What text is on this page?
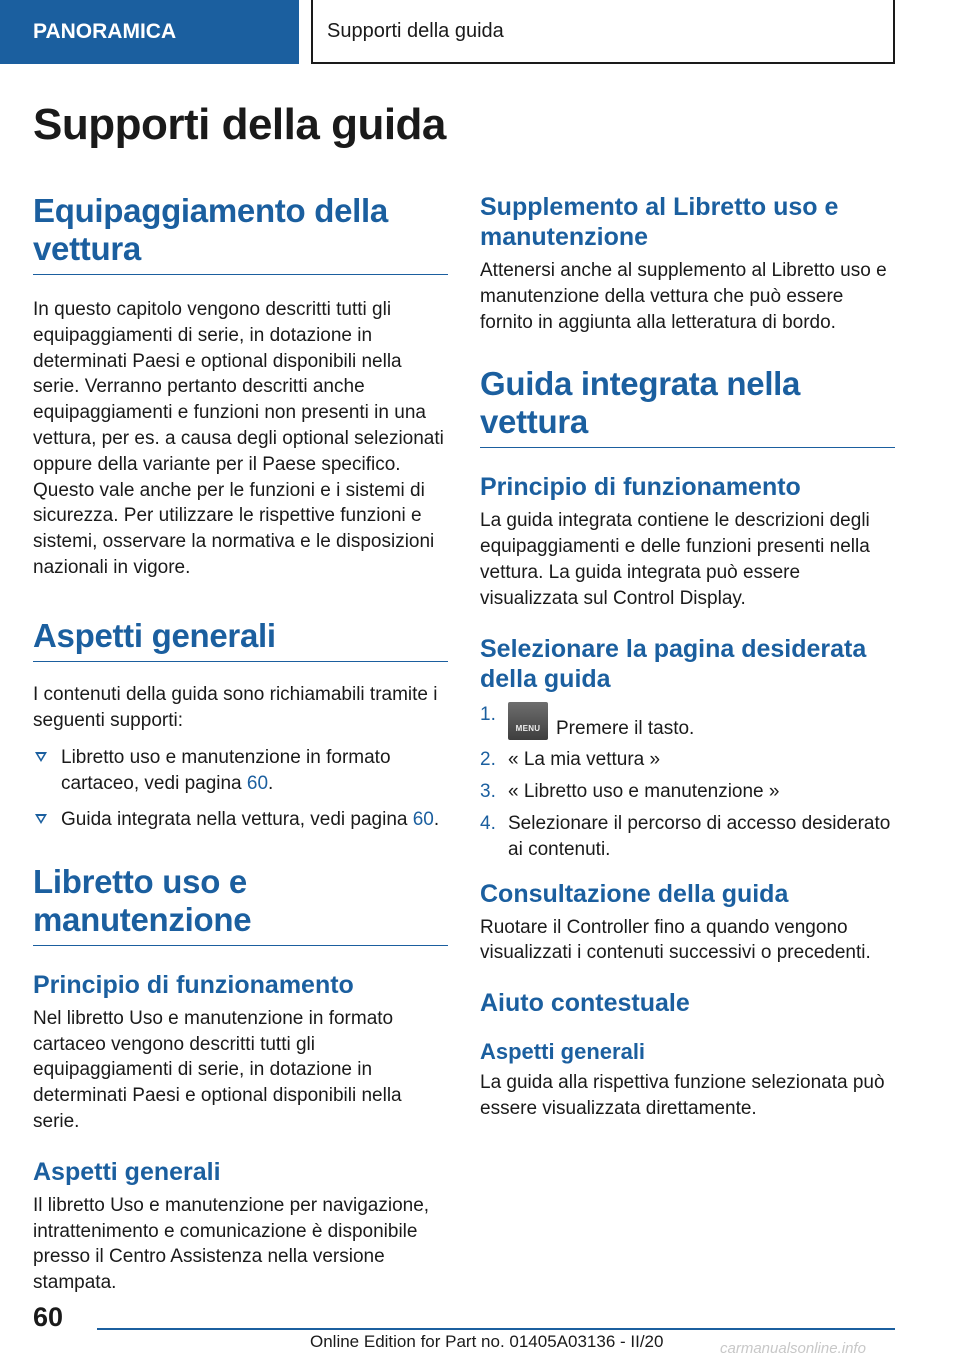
PANORAMICA	Supporti della guida
Supporti della guida
Equipaggiamento della vettura

In questo capitolo vengono descritti tutti gli equipaggiamenti di serie, in dotazione in determinati Paesi e optional disponibili nella serie. Verranno pertanto descritti anche equipaggiamenti e funzioni non presenti in una vettura, per es. a causa degli optional selezionati oppure della variante per il Paese specifico. Questo vale anche per le funzioni e i sistemi di sicurezza. Per utilizzare le rispettive funzioni e sistemi, osservare la normativa e le disposizioni nazionali in vigore.

Aspetti generali

I contenuti della guida sono richiamabili tramite i seguenti supporti:

Libretto uso e manutenzione in formato cartaceo, vedi pagina 60.
Guida integrata nella vettura, vedi pagina 60.
Libretto uso e manutenzione
Principio di funzionamento

Nel libretto Uso e manutenzione in formato cartaceo vengono descritti tutti gli equipaggiamenti di serie, in dotazione in determinati Paesi e optional disponibili nella serie.

Aspetti generali

Il libretto Uso e manutenzione per navigazione, intrattenimento e comunicazione è disponibile presso il Centro Assistenza nella versione stampata.

Supplemento al Libretto uso e manutenzione

Attenersi anche al supplemento al Libretto uso e manutenzione della vettura che può essere fornito in aggiunta alla letteratura di bordo.

Guida integrata nella vettura
Principio di funzionamento

La guida integrata contiene le descrizioni degli equipaggiamenti e delle funzioni presenti nella vettura. La guida integrata può essere visualizzata sul Control Display.

Selezionare la pagina desiderata della guida
1.
MENU Premere il tasto.
2. « La mia vettura »
3. « Libretto uso e manutenzione »
4. Selezionare il percorso di accesso desiderato ai contenuti.
Consultazione della guida

Ruotare il Controller fino a quando vengono visualizzati i contenuti successivi o precedenti.

Aiuto contestuale
Aspetti generali

La guida alla rispettiva funzione selezionata può essere visualizzata direttamente.

60
Online Edition for Part no. 01405A03136 - II/20	carmanualsonline.info
